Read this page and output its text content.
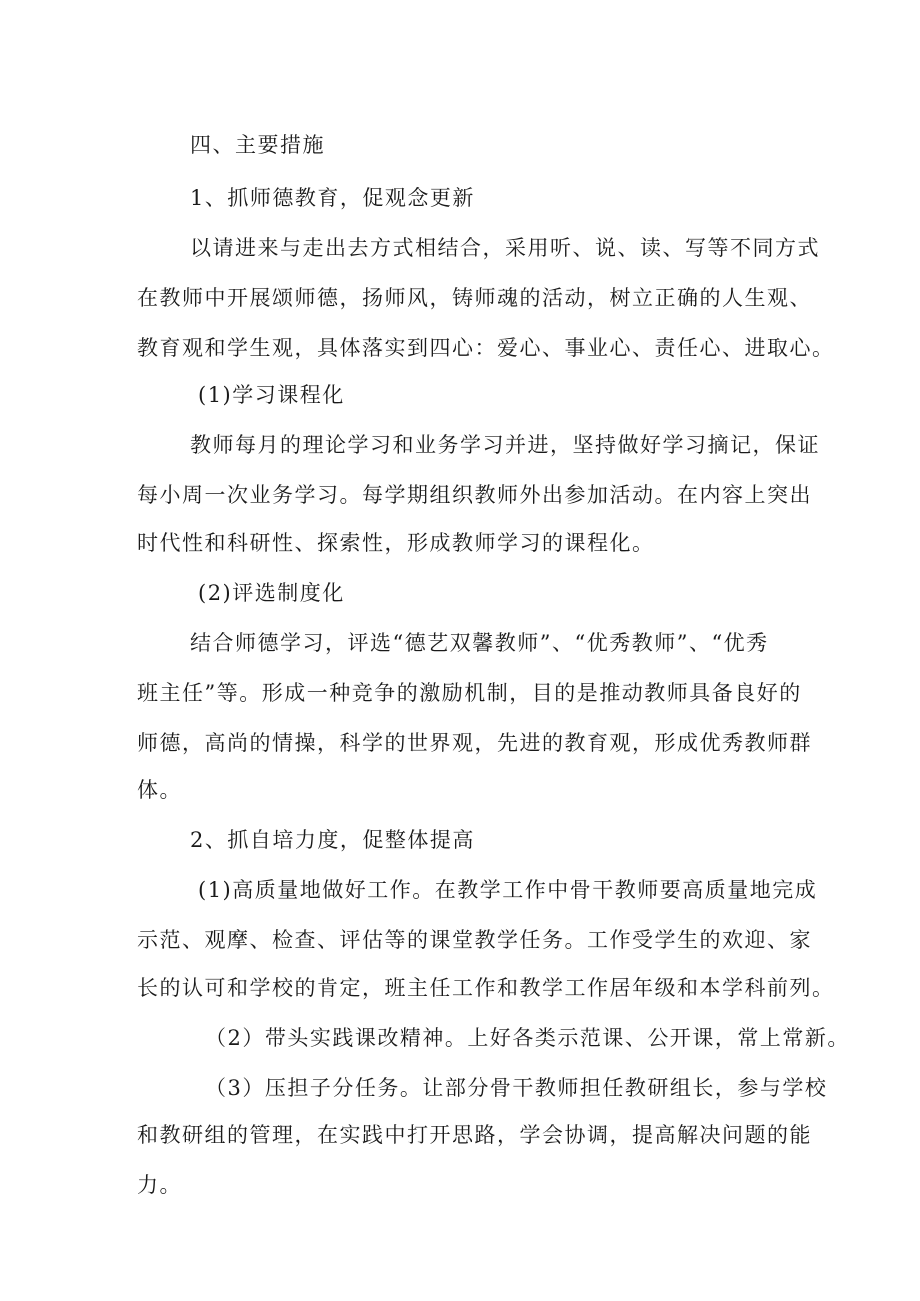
四、主要措施
1、抓师德教育，促观念更新
以请进来与走出去方式相结合，采用听、说、读、写等不同方式
在教师中开展颂师德，扬师风，铸师魂的活动，树立正确的人生观、
教育观和学生观，具体落实到四心：爱心、事业心、责任心、进取心。
(1)学习课程化
教师每月的理论学习和业务学习并进，坚持做好学习摘记，保证
每小周一次业务学习。每学期组织教师外出参加活动。在内容上突出
时代性和科研性、探索性，形成教师学习的课程化。
(2)评选制度化
结合师德学习，评选“德艺双馨教师”、“优秀教师”、“优秀
班主任”等。形成一种竞争的激励机制，目的是推动教师具备良好的
师德，高尚的情操，科学的世界观，先进的教育观，形成优秀教师群
体。
2、抓自培力度，促整体提高
(1)高质量地做好工作。在教学工作中骨干教师要高质量地完成
示范、观摩、检查、评估等的课堂教学任务。工作受学生的欢迎、家
长的认可和学校的肯定，班主任工作和教学工作居年级和本学科前列。
（2）带头实践课改精神。上好各类示范课、公开课，常上常新。
（3）压担子分任务。让部分骨干教师担任教研组长，参与学校
和教研组的管理，在实践中打开思路，学会协调，提高解决问题的能
力。
